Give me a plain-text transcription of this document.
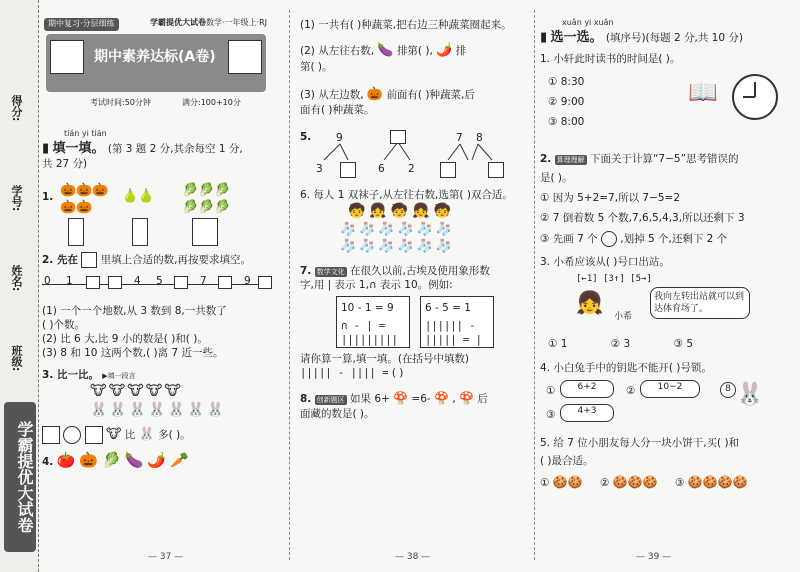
得分:
学号:
姓名:
班级:
学霸提优大试卷
期中复习·分层细练	学霸提优大试卷 数学·一年级上·RJ
期中素养达标(A卷)
考试时间:50分钟	满分:100+10分
tián yi tián
▮ 填一填。 (第 3 题 2 分,其余每空 1 分,
共 27 分)
1. 🎃🎃🎃
🎃🎃
🍐🍐 🥬🥬🥬
🥬🥬🥬
2. 先在 里填上合适的数,再按要求填空。
0 1	4 5	7	9
(1) 一个一个地数,从 3 数到 8,一共数了
( )个数。
(2) 比 6 大,比 9 小的数是( )和( )。
(3) 8 和 10 这两个数,( )离 7 近一些。
3. 比一比。 ▶填一段言
🐮🐮🐮🐮🐮
🐰🐰🐰🐰🐰🐰🐰
🐮 比 🐰 多( )。
4. 🍅🎃🥬🍆🌶️🥕
(1) 一共有( )种蔬菜,把右边三种蔬菜圈起来。
(2) 从左往右数, 🍆 排第( ), 🌶️ 排
第( )。
(3) 从左边数, 🎃 前面有( )种蔬菜,后
面有( )种蔬菜。
5. 9
3	6 2
7 8
6. 每人 1 双袜子,从左往右数,选第( )双合适。
🧒👧🧒👧🧒
🧦🧦🧦🧦🧦🧦
🧦🧦🧦🧦🧦🧦
7. 数学文化 在很久以前,古埃及使用象形数
字,用 | 表示 1,∩ 表示 10。例如:
10 - 1 = 9
∩ - | = |||||||||
6 - 5 = 1
|||||| - ||||| = |
请你算一算,填一填。(在括号中填数)
||||| - |||| = ( )
8. 创新题区 如果 6+ 🍄 =6- 🍄 , 🍄 后
面藏的数是( )。
xuǎn yi xuǎn
▮ 选一选。 (填序号)(每题 2 分,共 10 分)
1. 小轩此时读书的时间是( )。
① 8:30
② 9:00
③ 8:00
📖
2. 算理理解 下面关于计算“7−5”思考错误的
是( )。
① 因为 5+2=7,所以 7−5=2
② 7 倒着数 5 个数,7,6,5,4,3,所以还剩下 3
③ 先画 7 个 ,划掉 5 个,还剩下 2 个
3. 小希应该从( )号口出站。
[←1] [3↑] [5→]
👧
小希
我向左转出站就可以到达体育场了。
① 1	② 3	③ 5
4. 小白兔手中的钥匙不能开( )号锁。
①	6+2	②	10−2
③	4+3
8 🐰
5. 给 7 位小朋友每人分一块小饼干,买( )和
( )最合适。
① 🍪🍪 ② 🍪🍪🍪 ③ 🍪🍪🍪🍪
— 37 —	— 38 —	— 39 —
